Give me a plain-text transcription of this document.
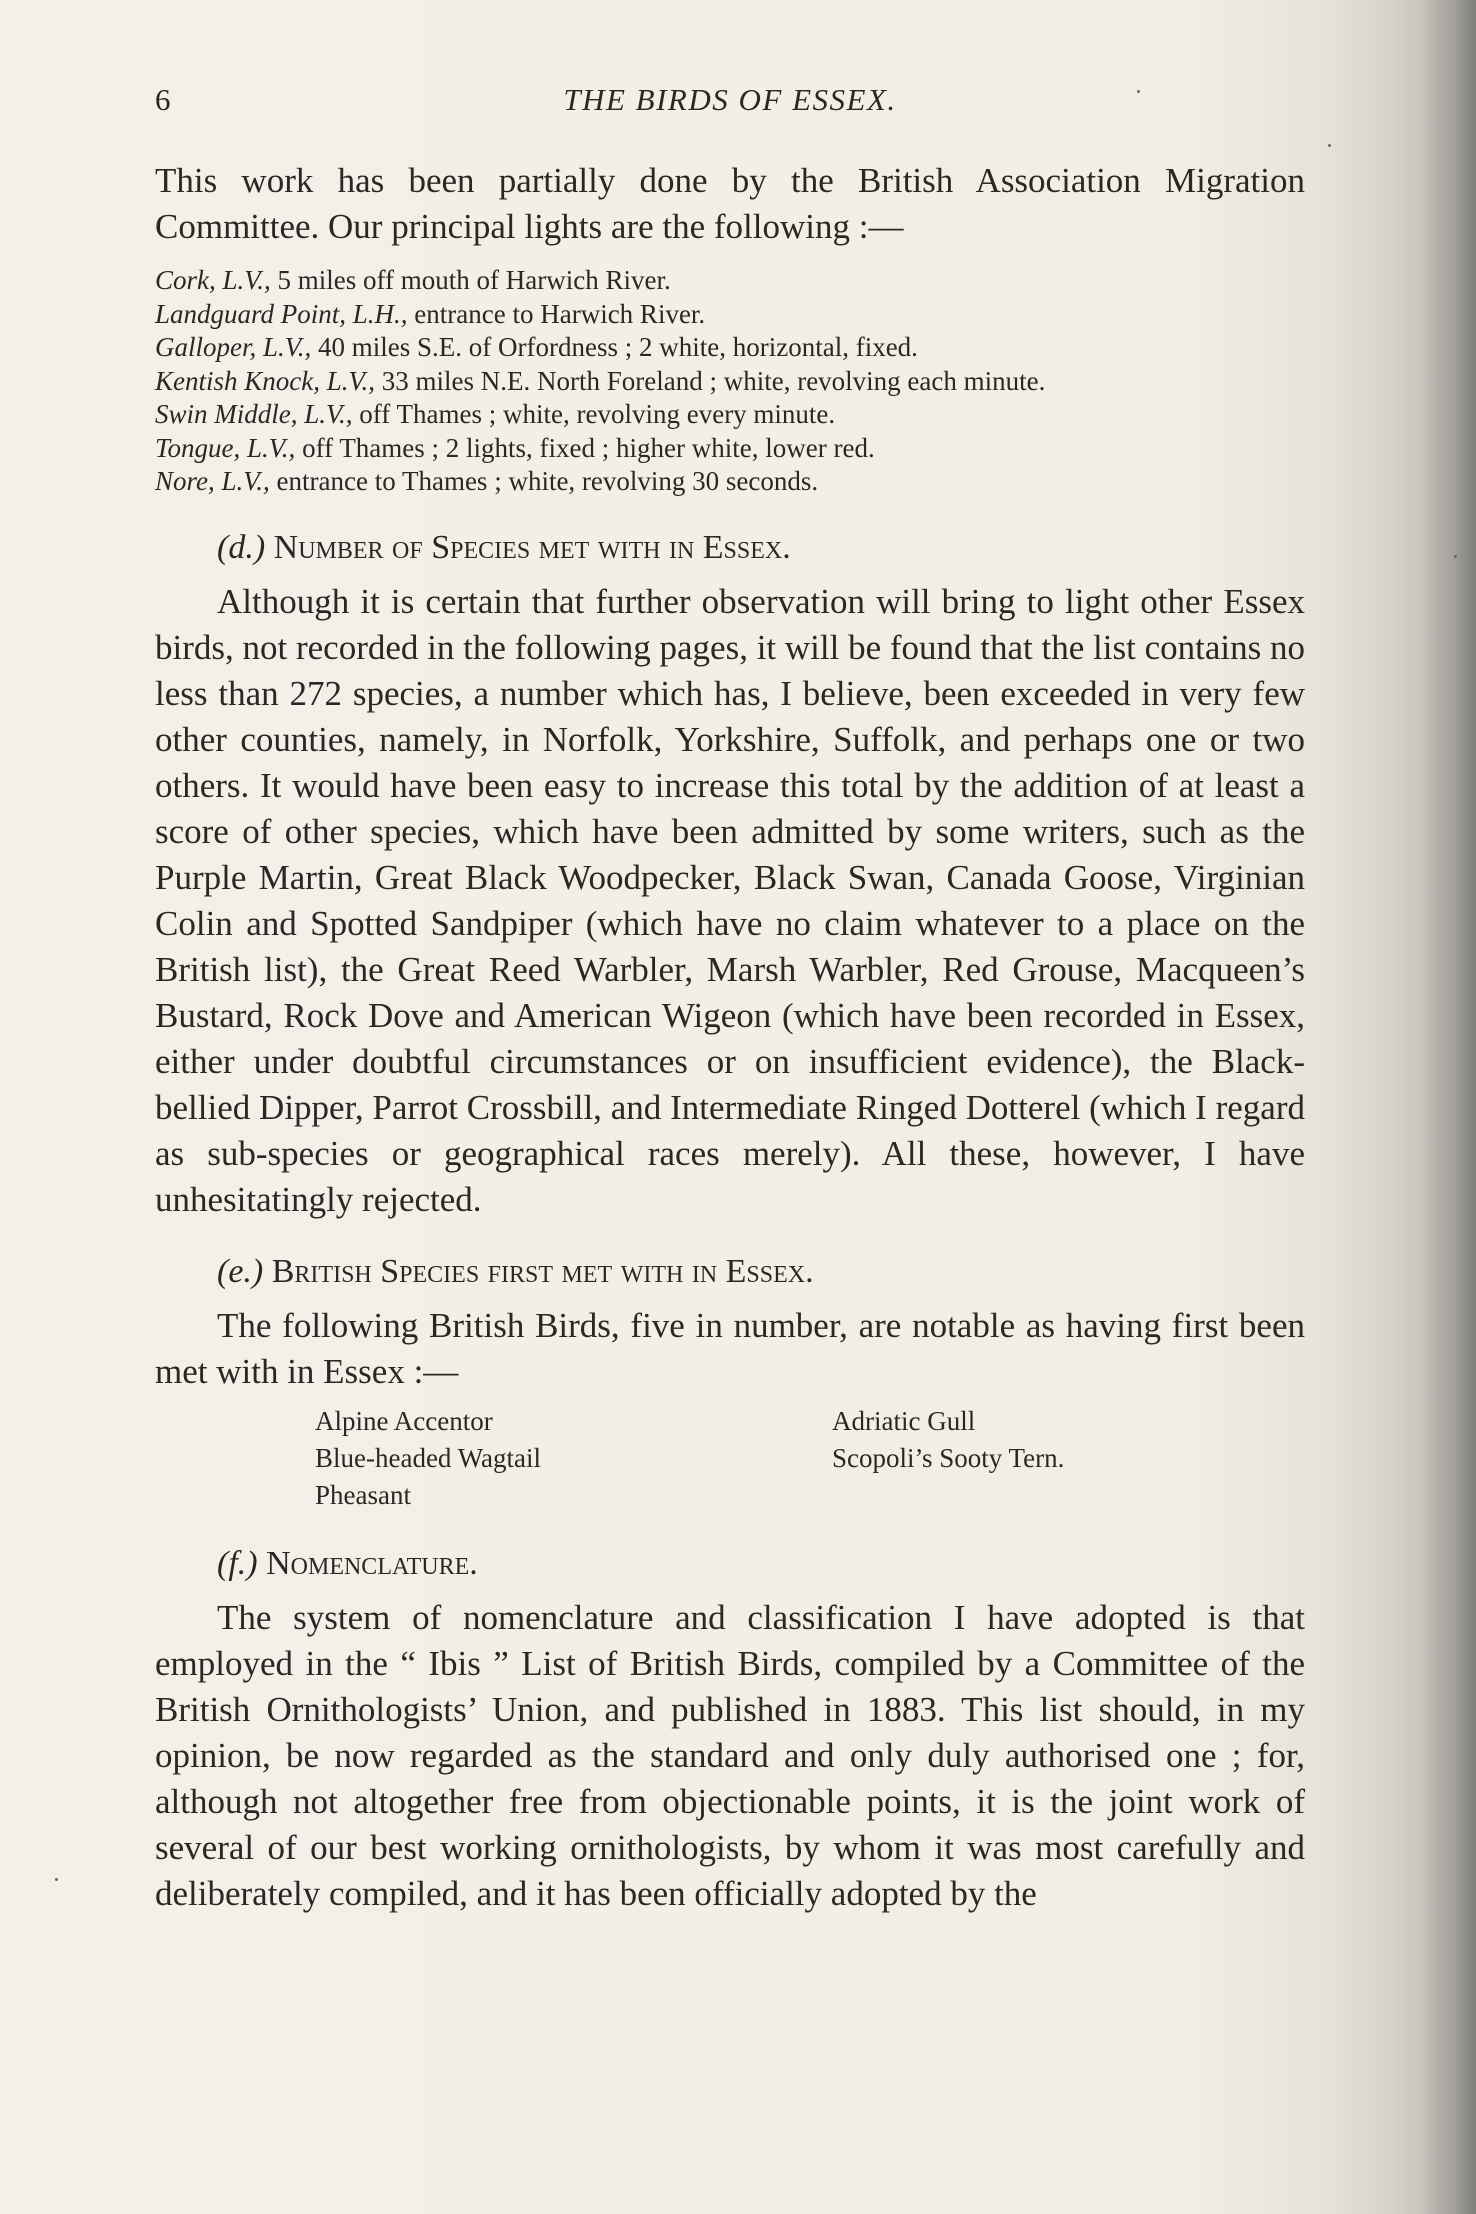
6	THE BIRDS OF ESSEX.

This work has been partially done by the British Association Migration Committee. Our principal lights are the following :—

Cork, L.V., 5 miles off mouth of Harwich River.
Landguard Point, L.H., entrance to Harwich River.
Galloper, L.V., 40 miles S.E. of Orfordness ; 2 white, horizontal, fixed.
Kentish Knock, L.V., 33 miles N.E. North Foreland ; white, revolving each minute.
Swin Middle, L.V., off Thames ; white, revolving every minute.
Tongue, L.V., off Thames ; 2 lights, fixed ; higher white, lower red.
Nore, L.V., entrance to Thames ; white, revolving 30 seconds.
(d.) Number of Species met with in Essex.

Although it is certain that further observation will bring to light other Essex birds, not recorded in the following pages, it will be found that the list contains no less than 272 species, a number which has, I believe, been exceeded in very few other counties, namely, in Norfolk, Yorkshire, Suffolk, and perhaps one or two others. It would have been easy to increase this total by the addition of at least a score of other species, which have been admitted by some writers, such as the Purple Martin, Great Black Woodpecker, Black Swan, Canada Goose, Virginian Colin and Spotted Sandpiper (which have no claim whatever to a place on the British list), the Great Reed Warbler, Marsh Warbler, Red Grouse, Macqueen’s Bustard, Rock Dove and American Wigeon (which have been recorded in Essex, either under doubtful circumstances or on insufficient evidence), the Black-bellied Dipper, Parrot Crossbill, and Intermediate Ringed Dotterel (which I regard as sub-species or geographical races merely). All these, however, I have unhesitatingly rejected.

(e.) British Species first met with in Essex.

The following British Birds, five in number, are notable as having first been met with in Essex :—

Alpine Accentor
Blue-headed Wagtail
Pheasant
Adriatic Gull
Scopoli’s Sooty Tern.
(f.) Nomenclature.

The system of nomenclature and classification I have adopted is that employed in the “ Ibis ” List of British Birds, compiled by a Committee of the British Ornithologists’ Union, and published in 1883. This list should, in my opinion, be now regarded as the standard and only duly authorised one ; for, although not altogether free from objectionable points, it is the joint work of several of our best working ornithologists, by whom it was most carefully and deliberately compiled, and it has been officially adopted by the
